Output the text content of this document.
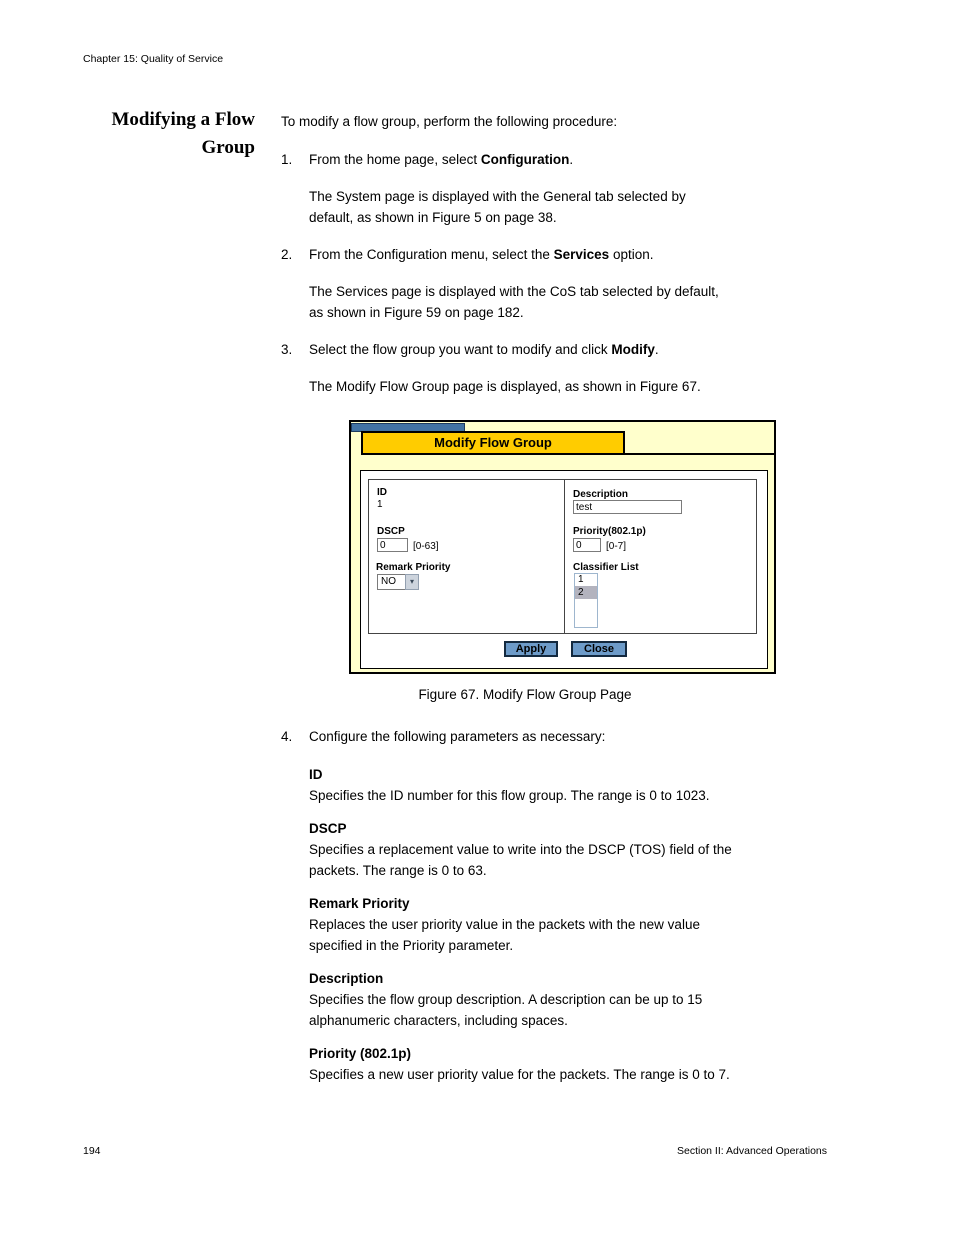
Chapter 15: Quality of Service
Modifying a Flow
Group
To modify a flow group, perform the following procedure:
1. From the home page, select Configuration.
The System page is displayed with the General tab selected by
default, as shown in Figure 5 on page 38.
2. From the Configuration menu, select the Services option.
The Services page is displayed with the CoS tab selected by default,
as shown in Figure 59 on page 182.
3. Select the flow group you want to modify and click Modify.
The Modify Flow Group page is displayed, as shown in Figure 67.
Modify Flow Group
ID
1
DSCP
0
[0-63]
Remark Priority
NO	▾
Description
test
Priority(802.1p)
0
[0-7]
Classifier List
1
2
Apply	Close
Figure 67. Modify Flow Group Page
4. Configure the following parameters as necessary:
ID
Specifies the ID number for this flow group. The range is 0 to 1023.
DSCP
Specifies a replacement value to write into the DSCP (TOS) field of the
packets. The range is 0 to 63.
Remark Priority
Replaces the user priority value in the packets with the new value
specified in the Priority parameter.
Description
Specifies the flow group description. A description can be up to 15
alphanumeric characters, including spaces.
Priority (802.1p)
Specifies a new user priority value for the packets. The range is 0 to 7.
194	Section II: Advanced Operations
